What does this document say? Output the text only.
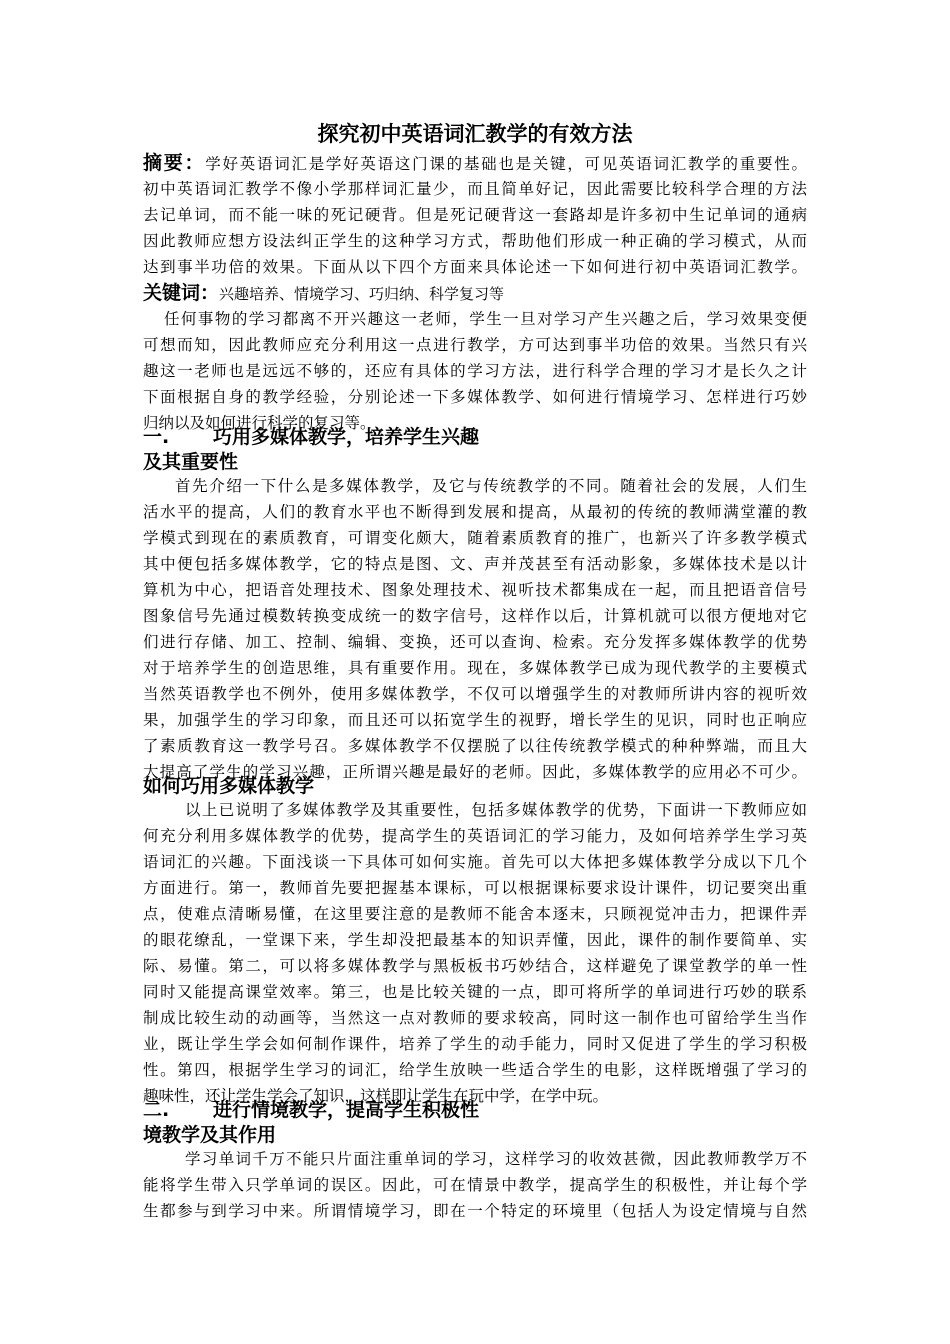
探究初中英语词汇教学的有效方法
摘要：学好英语词汇是学好英语这门课的基础也是关键，可见英语词汇教学的重要性。
初中英语词汇教学不像小学那样词汇量少，而且简单好记，因此需要比较科学合理的方法
去记单词，而不能一味的死记硬背。但是死记硬背这一套路却是许多初中生记单词的通病
因此教师应想方设法纠正学生的这种学习方式，帮助他们形成一种正确的学习模式，从而
达到事半功倍的效果。下面从以下四个方面来具体论述一下如何进行初中英语词汇教学。
关键词：兴趣培养、情境学习、巧归纳、科学复习等
任何事物的学习都离不开兴趣这一老师，学生一旦对学习产生兴趣之后，学习效果变便
可想而知，因此教师应充分利用这一点进行教学，方可达到事半功倍的效果。当然只有兴
趣这一老师也是远远不够的，还应有具体的学习方法，进行科学合理的学习才是长久之计
下面根据自身的教学经验，分别论述一下多媒体教学、如何进行情境学习、怎样进行巧妙
归纳以及如何进行科学的复习等。
一. 巧用多媒体教学，培养学生兴趣
及其重要性
首先介绍一下什么是多媒体教学，及它与传统教学的不同。随着社会的发展，人们生
活水平的提高，人们的教育水平也不断得到发展和提高，从最初的传统的教师满堂灌的教
学模式到现在的素质教育，可谓变化颇大，随着素质教育的推广，也新兴了许多教学模式
其中便包括多媒体教学，它的特点是图、文、声并茂甚至有活动影象，多媒体技术是以计
算机为中心，把语音处理技术、图象处理技术、视听技术都集成在一起，而且把语音信号
图象信号先通过模数转换变成统一的数字信号，这样作以后，计算机就可以很方便地对它
们进行存储、加工、控制、编辑、变换，还可以查询、检索。充分发挥多媒体教学的优势
对于培养学生的创造思维，具有重要作用。现在，多媒体教学已成为现代教学的主要模式
当然英语教学也不例外，使用多媒体教学，不仅可以增强学生的对教师所讲内容的视听效
果，加强学生的学习印象，而且还可以拓宽学生的视野，增长学生的见识，同时也正响应
了素质教育这一教学号召。多媒体教学不仅摆脱了以往传统教学模式的种种弊端，而且大
大提高了学生的学习兴趣，正所谓兴趣是最好的老师。因此，多媒体教学的应用必不可少。
如何巧用多媒体教学
以上已说明了多媒体教学及其重要性，包括多媒体教学的优势，下面讲一下教师应如
何充分利用多媒体教学的优势，提高学生的英语词汇的学习能力，及如何培养学生学习英
语词汇的兴趣。下面浅谈一下具体可如何实施。首先可以大体把多媒体教学分成以下几个
方面进行。第一，教师首先要把握基本课标，可以根据课标要求设计课件，切记要突出重
点，使难点清晰易懂，在这里要注意的是教师不能舍本逐末，只顾视觉冲击力，把课件弄
的眼花缭乱，一堂课下来，学生却没把最基本的知识弄懂，因此，课件的制作要简单、实
际、易懂。第二，可以将多媒体教学与黑板板书巧妙结合，这样避免了课堂教学的单一性
同时又能提高课堂效率。第三，也是比较关键的一点，即可将所学的单词进行巧妙的联系
制成比较生动的动画等，当然这一点对教师的要求较高，同时这一制作也可留给学生当作
业，既让学生学会如何制作课件，培养了学生的动手能力，同时又促进了学生的学习积极
性。第四，根据学生学习的词汇，给学生放映一些适合学生的电影，这样既增强了学习的
趣味性，还让学生学会了知识，这样即让学生在玩中学，在学中玩。
二. 进行情境教学，提高学生积极性
境教学及其作用
学习单词千万不能只片面注重单词的学习，这样学习的收效甚微，因此教师教学万不
能将学生带入只学单词的误区。因此，可在情景中教学，提高学生的积极性，并让每个学
生都参与到学习中来。所谓情境学习，即在一个特定的环境里（包括人为设定情境与自然
